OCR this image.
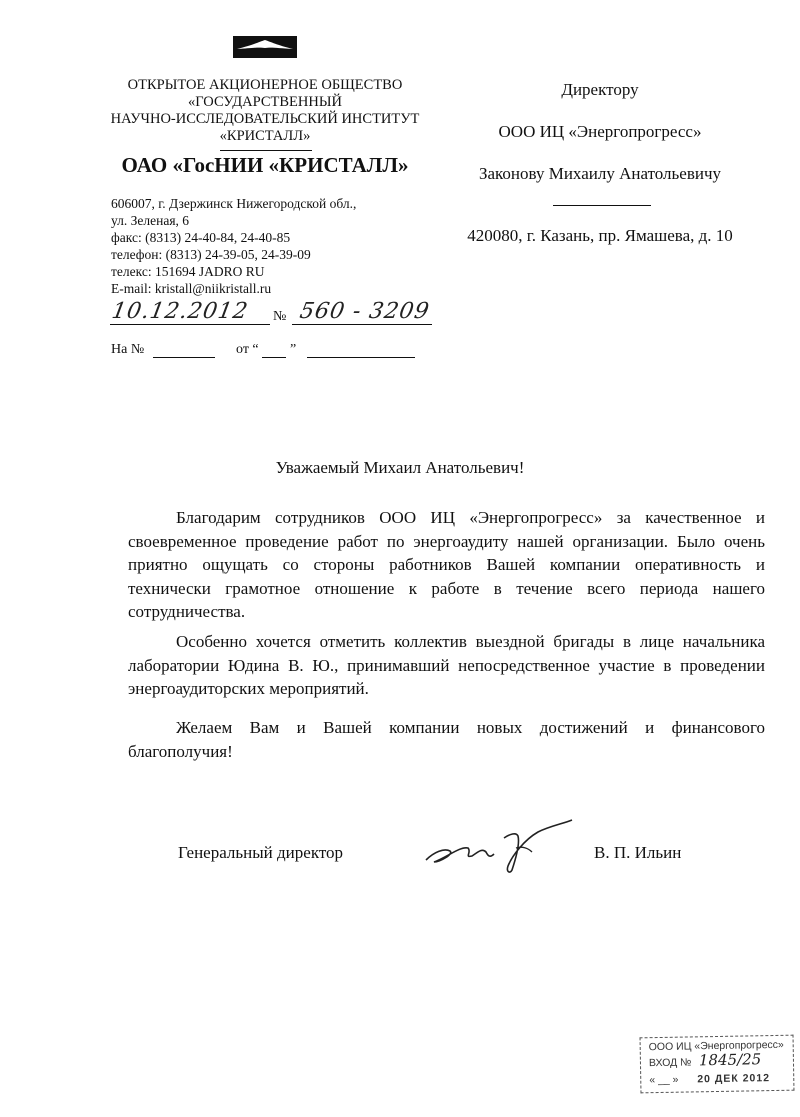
ОТКРЫТОЕ АКЦИОНЕРНОЕ ОБЩЕСТВО
«ГОСУДАРСТВЕННЫЙ
НАУЧНО-ИССЛЕДОВАТЕЛЬСКИЙ ИНСТИТУТ
«КРИСТАЛЛ»
ОАО «ГосНИИ «КРИСТАЛЛ»
606007, г. Дзержинск Нижегородской обл.,
ул. Зеленая, 6
факс: (8313) 24-40-84, 24-40-85
телефон: (8313) 24-39-05, 24-39-09
телекс: 151694 JADRO RU
E-mail: kristall@niikristall.ru
10.12.2012 № 560 - 3209
На №	от “ ”
Директору
ООО ИЦ «Энергопрогресс»
Законову Михаилу Анатольевичу
420080, г. Казань, пр. Ямашева, д. 10
Уважаемый Михаил Анатольевич!

Благодарим сотрудников ООО ИЦ «Энергопрогресс» за качественное и своевременное проведение работ по энергоаудиту нашей организации. Было очень приятно ощущать со стороны работников Вашей компании оперативность и технически грамотное отношение к работе в течение всего периода нашего сотрудничества.

Особенно хочется отметить коллектив выездной бригады в лице начальника лаборатории Юдина В. Ю., принимавший непосредственное участие в проведении энергоаудиторских мероприятий.

Желаем Вам и Вашей компании новых достижений и финансового благополучия!

Генеральный директор	В. П. Ильин
ООО ИЦ «Энергопрогресс»
ВХОД № 1845/25
« __ » 20 ДЕК 2012
